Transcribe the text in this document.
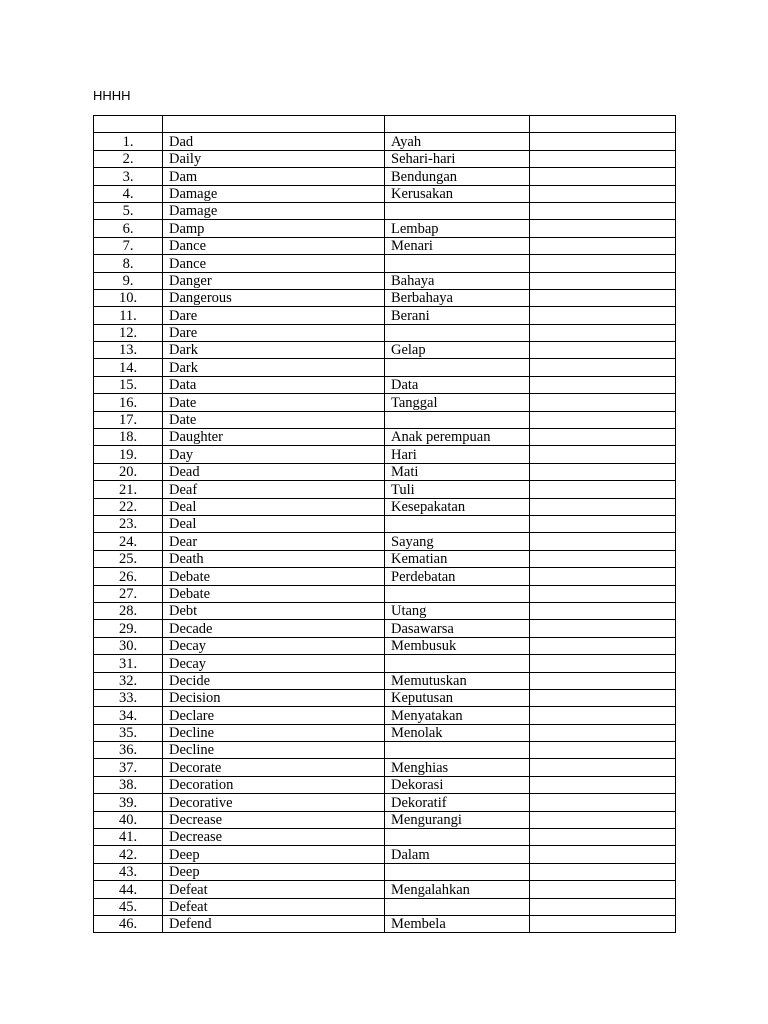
HHHH

1.	Dad	Ayah	
2.	Daily	Sehari-hari	
3.	Dam	Bendungan	
4.	Damage	Kerusakan	
5.	Damage		
6.	Damp	Lembap	
7.	Dance	Menari	
8.	Dance		
9.	Danger	Bahaya	
10.	Dangerous	Berbahaya	
11.	Dare	Berani	
12.	Dare		
13.	Dark	Gelap	
14.	Dark		
15.	Data	Data	
16.	Date	Tanggal	
17.	Date		
18.	Daughter	Anak perempuan	
19.	Day	Hari	
20.	Dead	Mati	
21.	Deaf	Tuli	
22.	Deal	Kesepakatan	
23.	Deal		
24.	Dear	Sayang	
25.	Death	Kematian	
26.	Debate	Perdebatan	
27.	Debate		
28.	Debt	Utang	
29.	Decade	Dasawarsa	
30.	Decay	Membusuk	
31.	Decay		
32.	Decide	Memutuskan	
33.	Decision	Keputusan	
34.	Declare	Menyatakan	
35.	Decline	Menolak	
36.	Decline		
37.	Decorate	Menghias	
38.	Decoration	Dekorasi	
39.	Decorative	Dekoratif	
40.	Decrease	Mengurangi	
41.	Decrease		
42.	Deep	Dalam	
43.	Deep		
44.	Defeat	Mengalahkan	
45.	Defeat		
46.	Defend	Membela	
